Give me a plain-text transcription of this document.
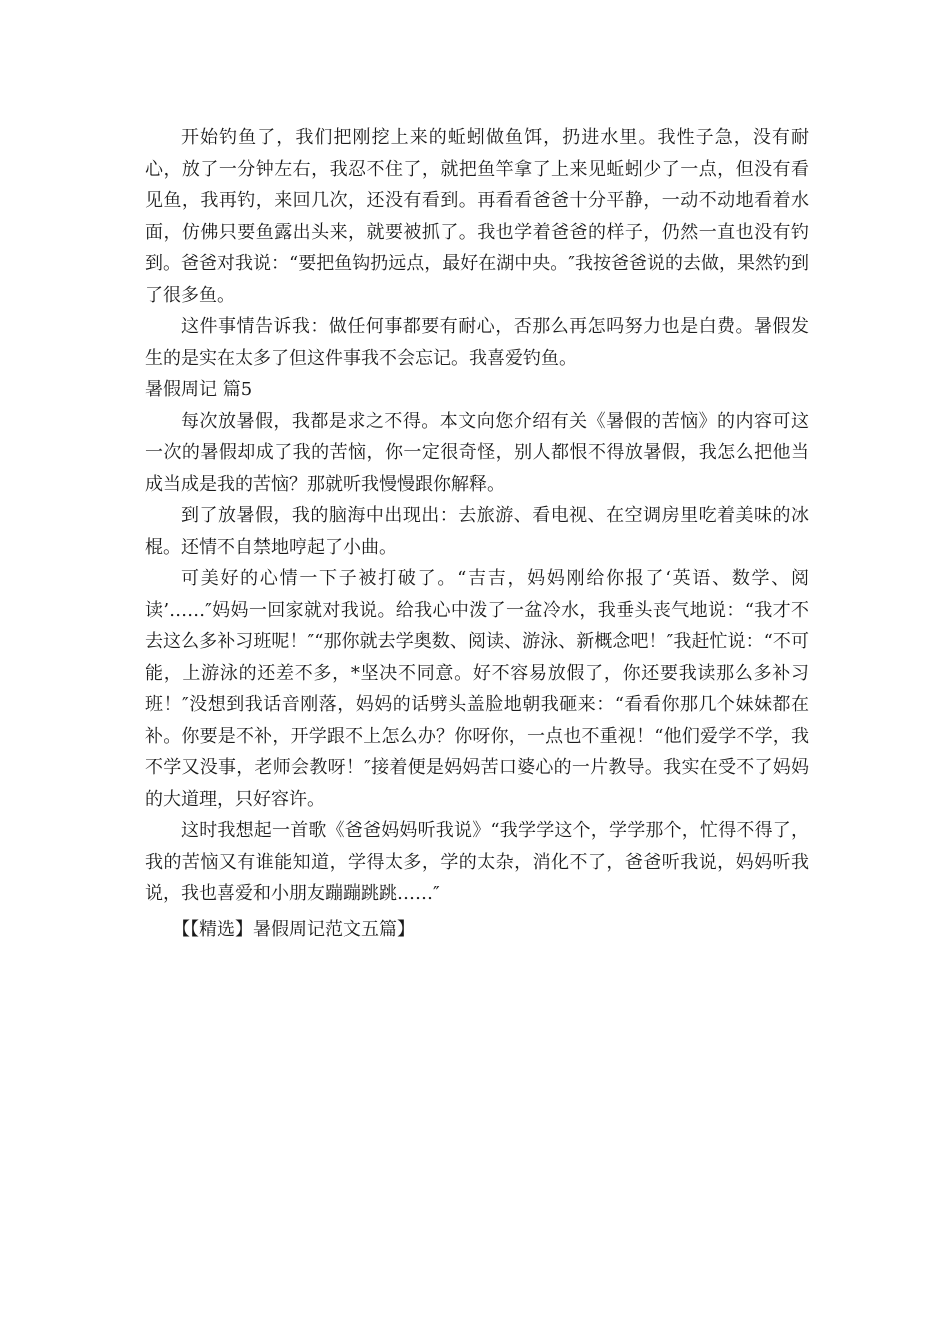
开始钓鱼了，我们把刚挖上来的蚯蚓做鱼饵，扔进水里。我性子急，没有耐心，放了一分钟左右，我忍不住了，就把鱼竿拿了上来见蚯蚓少了一点，但没有看见鱼，我再钓，来回几次，还没有看到。再看看爸爸十分平静，一动不动地看着水面，仿佛只要鱼露出头来，就要被抓了。我也学着爸爸的样子，仍然一直也没有钓到。爸爸对我说：“要把鱼钩扔远点，最好在湖中央。″我按爸爸说的去做，果然钓到了很多鱼。

这件事情告诉我：做任何事都要有耐心，否那么再怎吗努力也是白费。暑假发生的是实在太多了但这件事我不会忘记。我喜爱钓鱼。

暑假周记 篇5

每次放暑假，我都是求之不得。本文向您介绍有关《暑假的苦恼》的内容可这一次的暑假却成了我的苦恼，你一定很奇怪，别人都恨不得放暑假，我怎么把他当成当成是我的苦恼？那就听我慢慢跟你解释。

到了放暑假，我的脑海中出现出：去旅游、看电视、在空调房里吃着美味的冰棍。还情不自禁地哼起了小曲。

可美好的心情一下子被打破了。“吉吉，妈妈刚给你报了‘英语、数学、阅读’……″妈妈一回家就对我说。给我心中泼了一盆冷水，我垂头丧气地说：“我才不去这么多补习班呢！″“那你就去学奥数、阅读、游泳、新概念吧！″我赶忙说：“不可能，上游泳的还差不多，*坚决不同意。好不容易放假了，你还要我读那么多补习班！″没想到我话音刚落，妈妈的话劈头盖脸地朝我砸来：“看看你那几个妹妹都在补。你要是不补，开学跟不上怎么办？你呀你，一点也不重视！“他们爱学不学，我不学又没事，老师会教呀！″接着便是妈妈苦口婆心的一片教导。我实在受不了妈妈的大道理，只好容许。

这时我想起一首歌《爸爸妈妈听我说》“我学学这个，学学那个，忙得不得了，我的苦恼又有谁能知道，学得太多，学的太杂，消化不了，爸爸听我说，妈妈听我说，我也喜爱和小朋友蹦蹦跳跳……″

【【精选】暑假周记范文五篇】
